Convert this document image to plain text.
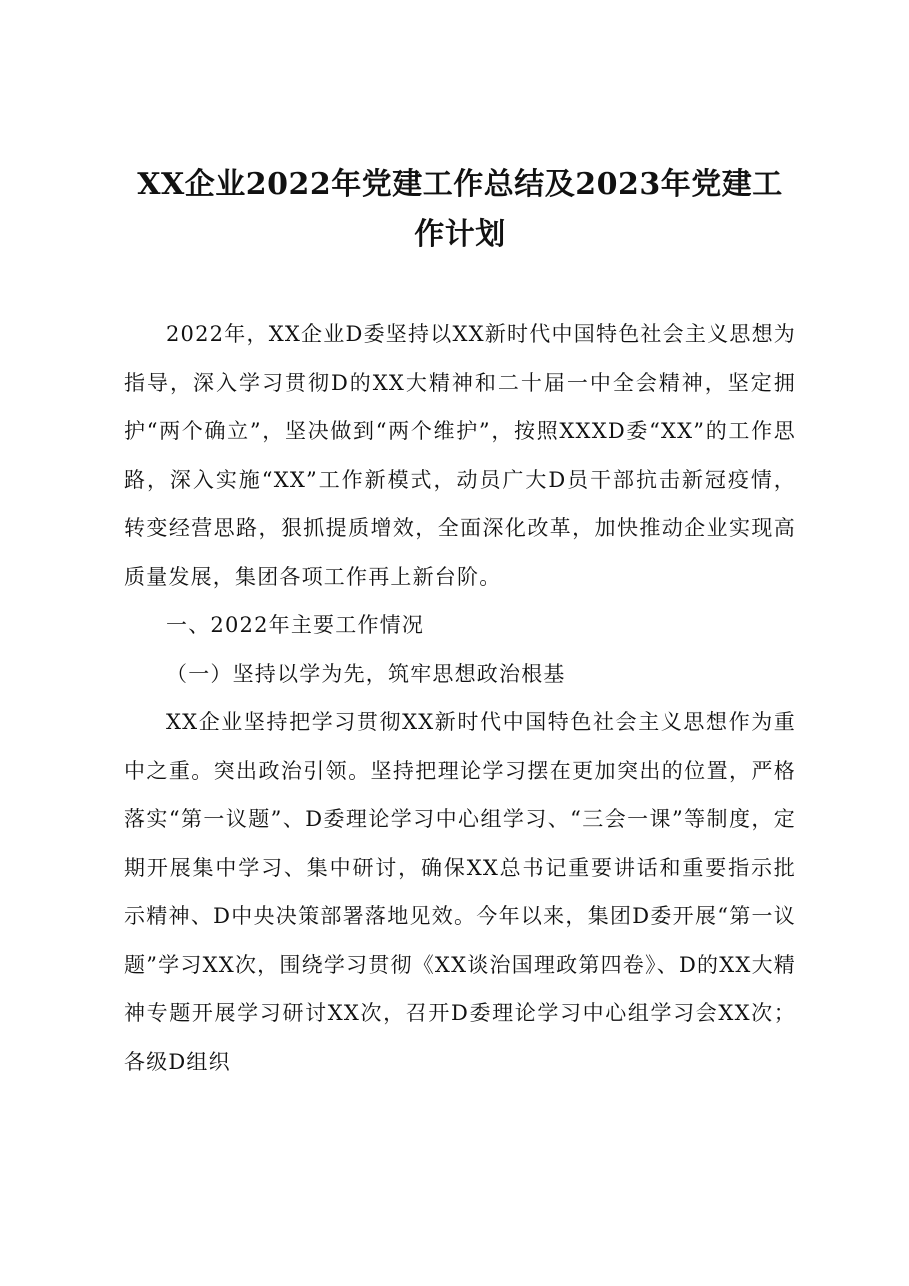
XX企业2022年党建工作总结及2023年党建工作计划

2022年，XX企业D委坚持以XX新时代中国特色社会主义思想为指导，深入学习贯彻D的XX大精神和二十届一中全会精神，坚定拥护“两个确立”，坚决做到“两个维护”，按照XXXD委“XX”的工作思路，深入实施“XX”工作新模式，动员广大D员干部抗击新冠疫情，转变经营思路，狠抓提质增效，全面深化改革，加快推动企业实现高质量发展，集团各项工作再上新台阶。

一、2022年主要工作情况

（一）坚持以学为先，筑牢思想政治根基

XX企业坚持把学习贯彻XX新时代中国特色社会主义思想作为重中之重。突出政治引领。坚持把理论学习摆在更加突出的位置，严格落实“第一议题”、D委理论学习中心组学习、“三会一课”等制度，定期开展集中学习、集中研讨，确保XX总书记重要讲话和重要指示批示精神、D中央决策部署落地见效。今年以来，集团D委开展“第一议题”学习XX次，围绕学习贯彻《XX谈治国理政第四卷》、D的XX大精神专题开展学习研讨XX次，召开D委理论学习中心组学习会XX次；各级D组织
